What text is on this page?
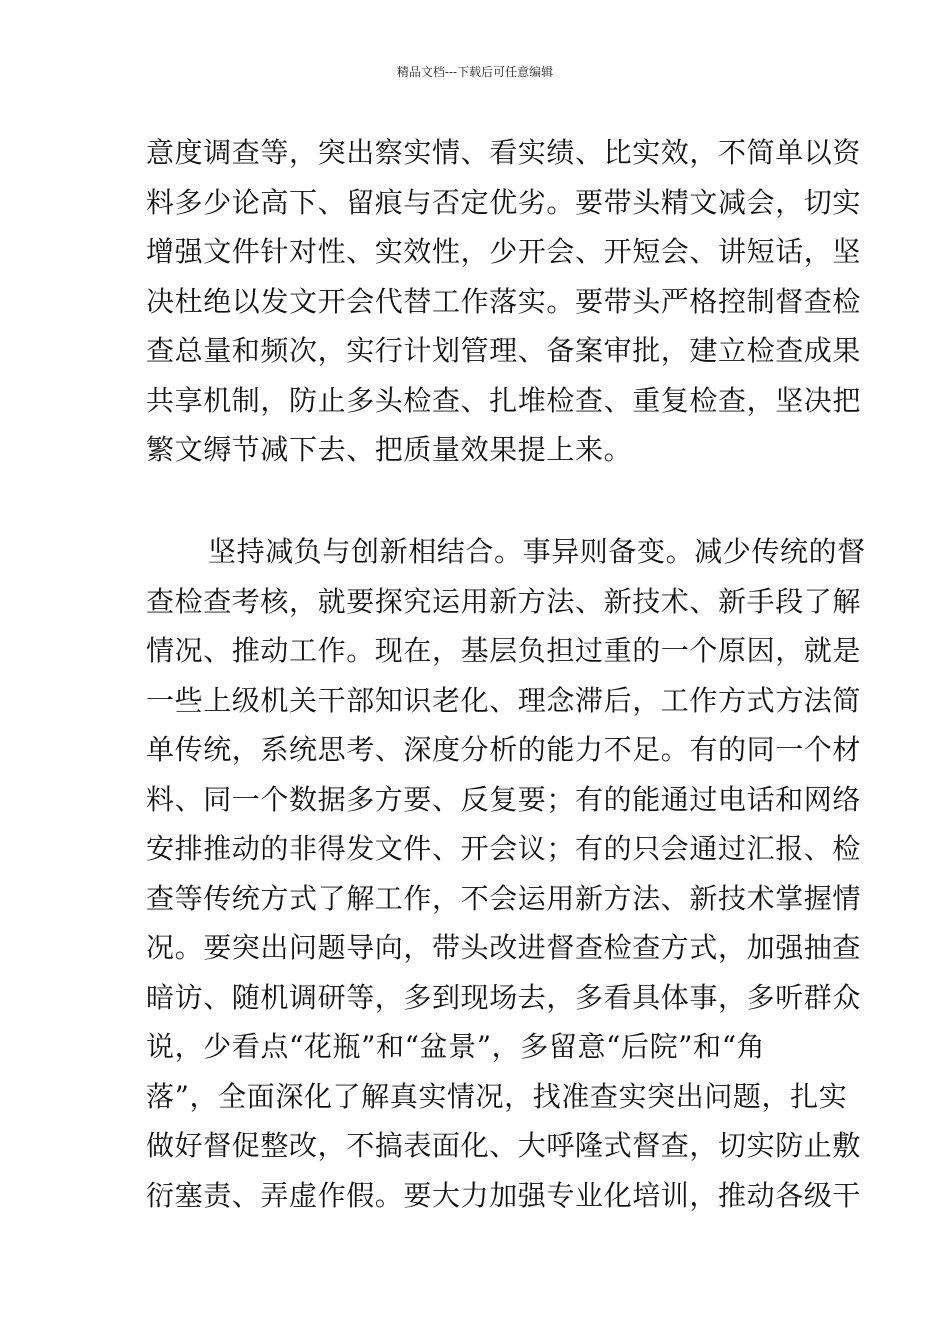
精品文档---下载后可任意编辑
意度调查等，突出察实情、看实绩、比实效，不简单以资
料多少论高下、留痕与否定优劣。要带头精文减会，切实
增强文件针对性、实效性，少开会、开短会、讲短话，坚
决杜绝以发文开会代替工作落实。要带头严格控制督查检
查总量和频次，实行计划管理、备案审批，建立检查成果
共享机制，防止多头检查、扎堆检查、重复检查，坚决把
繁文缛节减下去、把质量效果提上来。
坚持减负与创新相结合。事异则备变。减少传统的督
查检查考核，就要探究运用新方法、新技术、新手段了解
情况、推动工作。现在，基层负担过重的一个原因，就是
一些上级机关干部知识老化、理念滞后，工作方式方法简
单传统，系统思考、深度分析的能力不足。有的同一个材
料、同一个数据多方要、反复要；有的能通过电话和网络
安排推动的非得发文件、开会议；有的只会通过汇报、检
查等传统方式了解工作，不会运用新方法、新技术掌握情
况。要突出问题导向，带头改进督查检查方式，加强抽查
暗访、随机调研等，多到现场去，多看具体事，多听群众
说，少看点“花瓶”和“盆景”，多留意“后院”和“角
落”，全面深化了解真实情况，找准查实突出问题，扎实
做好督促整改，不搞表面化、大呼隆式督查，切实防止敷
衍塞责、弄虚作假。要大力加强专业化培训，推动各级干
